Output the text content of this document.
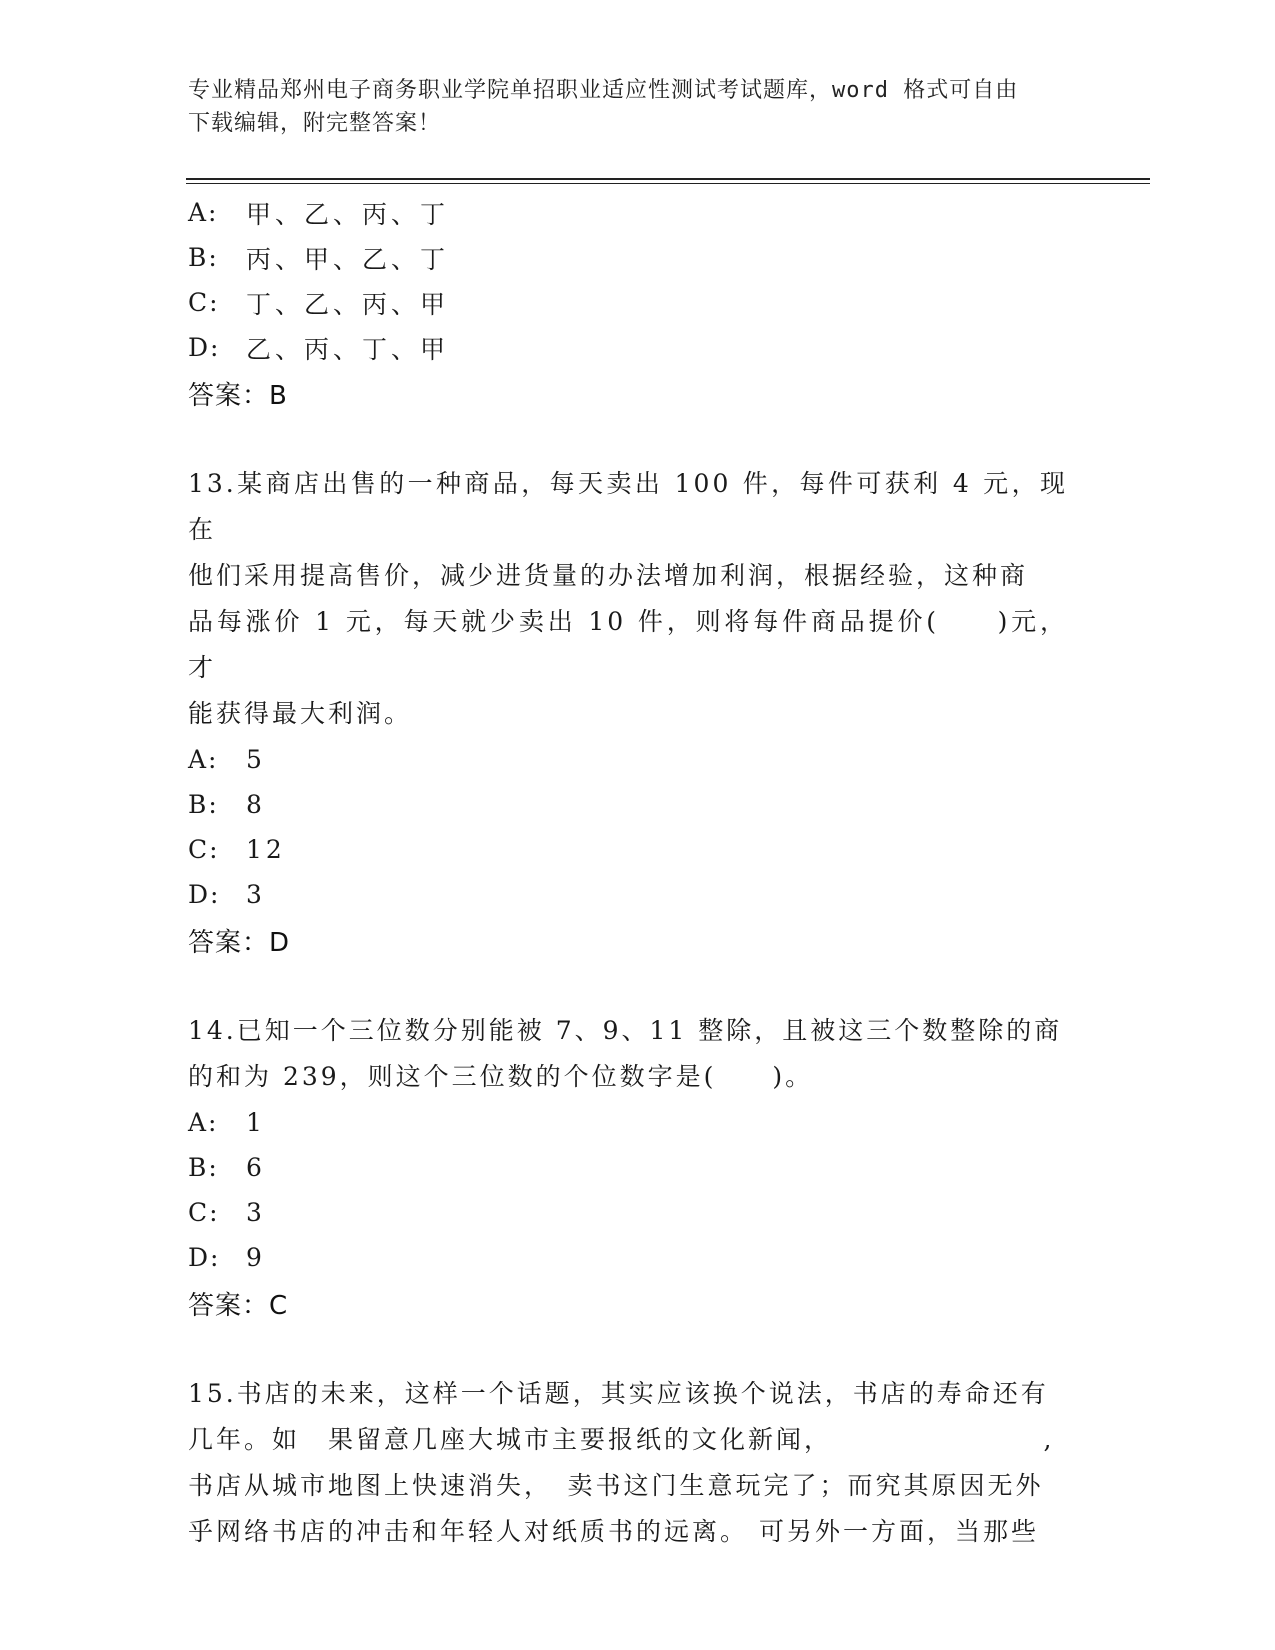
专业精品郑州电子商务职业学院单招职业适应性测试考试题库，word 格式可自由
下载编辑，附完整答案！
A:	甲、乙、丙、丁
B:	丙、甲、乙、丁
C:	丁、乙、丙、甲
D:	乙、丙、丁、甲
答案：B
13.某商店出售的一种商品，每天卖出 100 件，每件可获利 4 元，现在
他们采用提高售价，减少进货量的办法增加利润，根据经验，这种商
品每涨价 1 元，每天就少卖出 10 件，则将每件商品提价(　　)元，才
能获得最大利润。
A:	5
B:	8
C:	12
D:	3
答案：D
14.已知一个三位数分别能被 7、9、11 整除，且被这三个数整除的商
的和为 239，则这个三位数的个位数字是(　　)。
A:	1
B:	6
C:	3
D:	9
答案：C
15.书店的未来，这样一个话题，其实应该换个说法，书店的寿命还有
几年。如　果留意几座大城市主要报纸的文化新闻，　　　　　　　　,
书店从城市地图上快速消失，　卖书这门生意玩完了；而究其原因无外
乎网络书店的冲击和年轻人对纸质书的远离。 可另外一方面，当那些
